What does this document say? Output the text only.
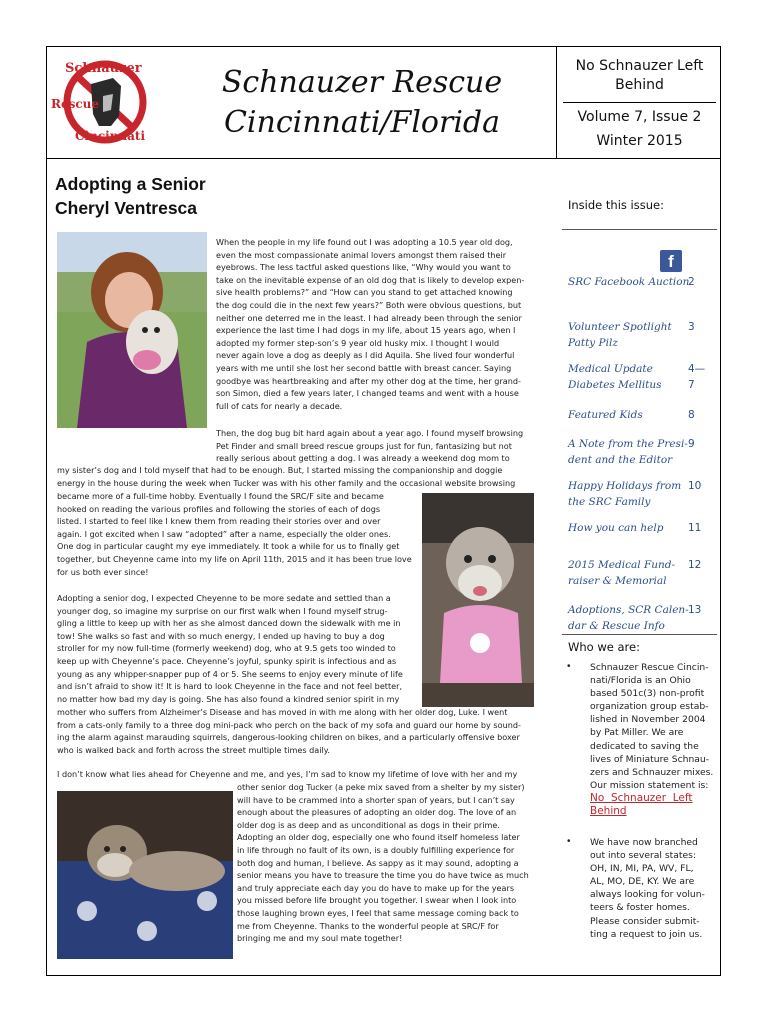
Schnauzer
Rescue
Cincinnati
Schnauzer Rescue
Cincinnati/Florida
No Schnauzer Left
Behind
Volume 7, Issue 2
Winter 2015
Adopting a Senior
Cheryl Ventresca
When the people in my life found out I was adopting a 10.5 year old dog,
even the most compassionate animal lovers amongst them raised their
eyebrows. The less tactful asked questions like, “Why would you want to
take on the inevitable expense of an old dog that is likely to develop expen-
sive health problems?” and “How can you stand to get attached knowing
the dog could die in the next few years?” Both were obvious questions, but
neither one deterred me in the least. I had already been through the senior
experience the last time I had dogs in my life, about 15 years ago, when I
adopted my former step-son’s 9 year old husky mix. I thought I would
never again love a dog as deeply as I did Aquila. She lived four wonderful
years with me until she lost her second battle with breast cancer. Saying
goodbye was heartbreaking and after my other dog at the time, her grand-
son Simon, died a few years later, I changed teams and went with a house
full of cats for nearly a decade.
Then, the dog bug bit hard again about a year ago. I found myself browsing
Pet Finder and small breed rescue groups just for fun, fantasizing but not
really serious about getting a dog. I was already a weekend dog mom to
my sister’s dog and I told myself that had to be enough. But, I started missing the companionship and doggie
energy in the house during the week when Tucker was with his other family and the occasional website browsing
became more of a full-time hobby. Eventually I found the SRC/F site and became
hooked on reading the various profiles and following the stories of each of dogs
listed. I started to feel like I knew them from reading their stories over and over
again. I got excited when I saw “adopted” after a name, especially the older ones.
One dog in particular caught my eye immediately. It took a while for us to finally get
together, but Cheyenne came into my life on April 11th, 2015 and it has been true love
for us both ever since!
Adopting a senior dog, I expected Cheyenne to be more sedate and settled than a
younger dog, so imagine my surprise on our first walk when I found myself strug-
gling a little to keep up with her as she almost danced down the sidewalk with me in
tow! She walks so fast and with so much energy, I ended up having to buy a dog
stroller for my now full-time (formerly weekend) dog, who at 9.5 gets too winded to
keep up with Cheyenne’s pace. Cheyenne’s joyful, spunky spirit is infectious and as
young as any whipper-snapper pup of 4 or 5. She seems to enjoy every minute of life
and isn’t afraid to show it! It is hard to look Cheyenne in the face and not feel better,
no matter how bad my day is going. She has also found a kindred senior spirit in my
mother who suffers from Alzheimer’s Disease and has moved in with me along with her older dog, Luke. I went
from a cats-only family to a three dog mini-pack who perch on the back of my sofa and guard our home by sound-
ing the alarm against marauding squirrels, dangerous-looking children on bikes, and a particularly offensive boxer
who is walked back and forth across the street multiple times daily.
I don’t know what lies ahead for Cheyenne and me, and yes, I’m sad to know my lifetime of love with her and my
other senior dog Tucker (a peke mix saved from a shelter by my sister)
will have to be crammed into a shorter span of years, but I can’t say
enough about the pleasures of adopting an older dog. The love of an
older dog is as deep and as unconditional as dogs in their prime.
Adopting an older dog, especially one who found itself homeless later
in life through no fault of its own, is a doubly fulfilling experience for
both dog and human, I believe. As sappy as it may sound, adopting a
senior means you have to treasure the time you do have twice as much
and truly appreciate each day you do have to make up for the years
you missed before life brought you together. I swear when I look into
those laughing brown eyes, I feel that same message coming back to
me from Cheyenne. Thanks to the wonderful people at SRC/F for
bringing me and my soul mate together!
Inside this issue:
f
SRC Facebook Auction
2
Volunteer Spotlight
Patty Pilz
3
Medical Update
Diabetes Mellitus
4—
7
Featured Kids	8
A Note from the Presi-
dent and the Editor
9
Happy Holidays from
the SRC Family
10
How you can help	11
2015 Medical Fund-
raiser & Memorial
12
Adoptions, SCR Calen-
dar & Rescue Info
13
Who we are:
• Schnauzer Rescue Cincin-
nati/Florida is an Ohio
based 501c(3) non-profit
organization group estab-
lished in November 2004
by Pat Miller. We are
dedicated to saving the
lives of Miniature Schnau-
zers and Schnauzer mixes.
Our mission statement is:
No  Schnauzer  Left
Behind
• We have now branched
out into several states:
OH, IN, MI, PA, WV, FL,
AL, MO, DE, KY. We are
always looking for volun-
teers & foster homes.
Please consider submit-
ting a request to join us.
